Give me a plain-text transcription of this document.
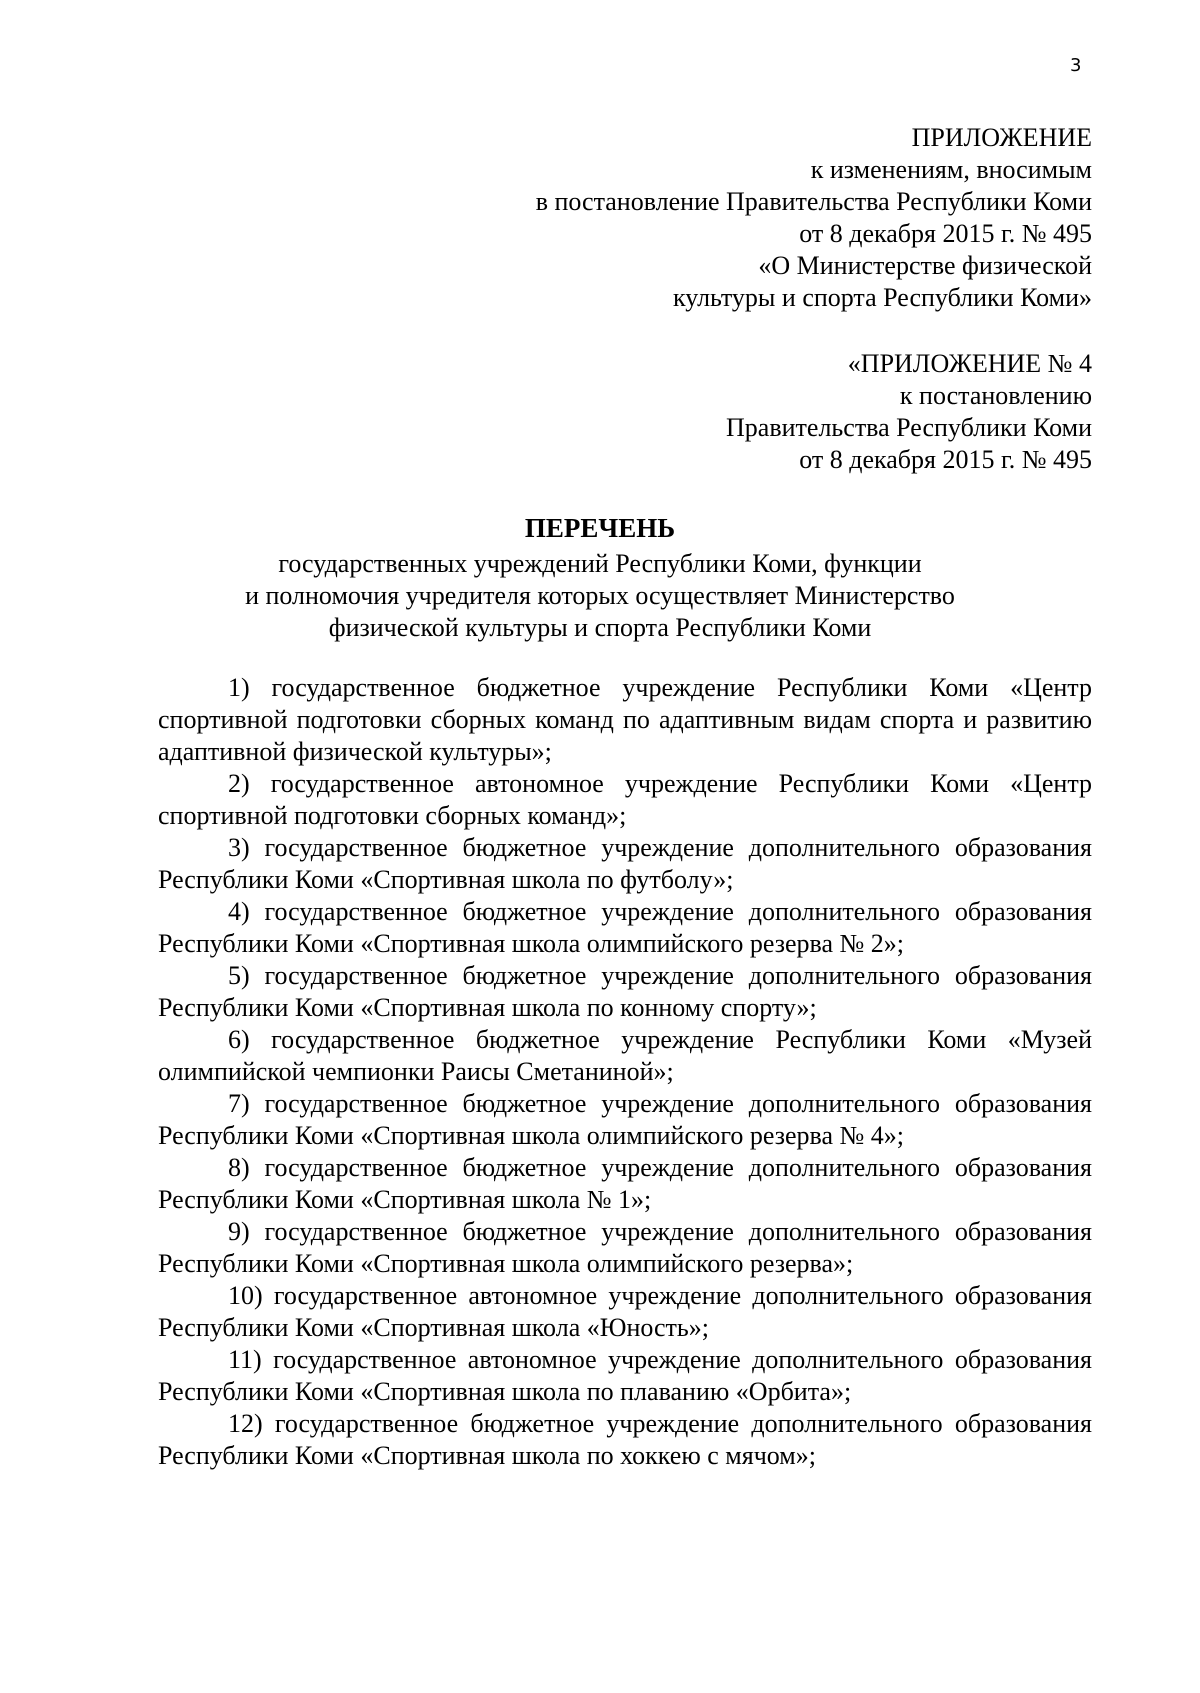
3
ПРИЛОЖЕНИЕ
к изменениям, вносимым
в постановление Правительства Республики Коми
от 8 декабря 2015 г. № 495
«О Министерстве физической
культуры и спорта Республики Коми»
«ПРИЛОЖЕНИЕ № 4
к постановлению
Правительства Республики Коми
от 8 декабря 2015 г. № 495
ПЕРЕЧЕНЬ
государственных учреждений Республики Коми, функции
и полномочия учредителя которых осуществляет Министерство
физической культуры и спорта Республики Коми

1) государственное бюджетное учреждение Республики Коми «Центр спортивной подготовки сборных команд по адаптивным видам спорта и развитию адаптивной физической культуры»;

2) государственное автономное учреждение Республики Коми «Центр спортивной подготовки сборных команд»;

3) государственное бюджетное учреждение дополнительного образования Республики Коми «Спортивная школа по футболу»;

4) государственное бюджетное учреждение дополнительного образования Республики Коми «Спортивная школа олимпийского резерва № 2»;

5) государственное бюджетное учреждение дополнительного образования Республики Коми «Спортивная школа по конному спорту»;

6) государственное бюджетное учреждение Республики Коми «Музей олимпийской чемпионки Раисы Сметаниной»;

7) государственное бюджетное учреждение дополнительного образования Республики Коми «Спортивная школа олимпийского резерва № 4»;

8) государственное бюджетное учреждение дополнительного образования Республики Коми «Спортивная школа № 1»;

9) государственное бюджетное учреждение дополнительного образования Республики Коми «Спортивная школа олимпийского резерва»;

10) государственное автономное учреждение дополнительного образования Республики Коми «Спортивная школа «Юность»;

11) государственное автономное учреждение дополнительного образования Республики Коми «Спортивная школа по плаванию «Орбита»;

12) государственное бюджетное учреждение дополнительного образования Республики Коми «Спортивная школа по хоккею с мячом»;
